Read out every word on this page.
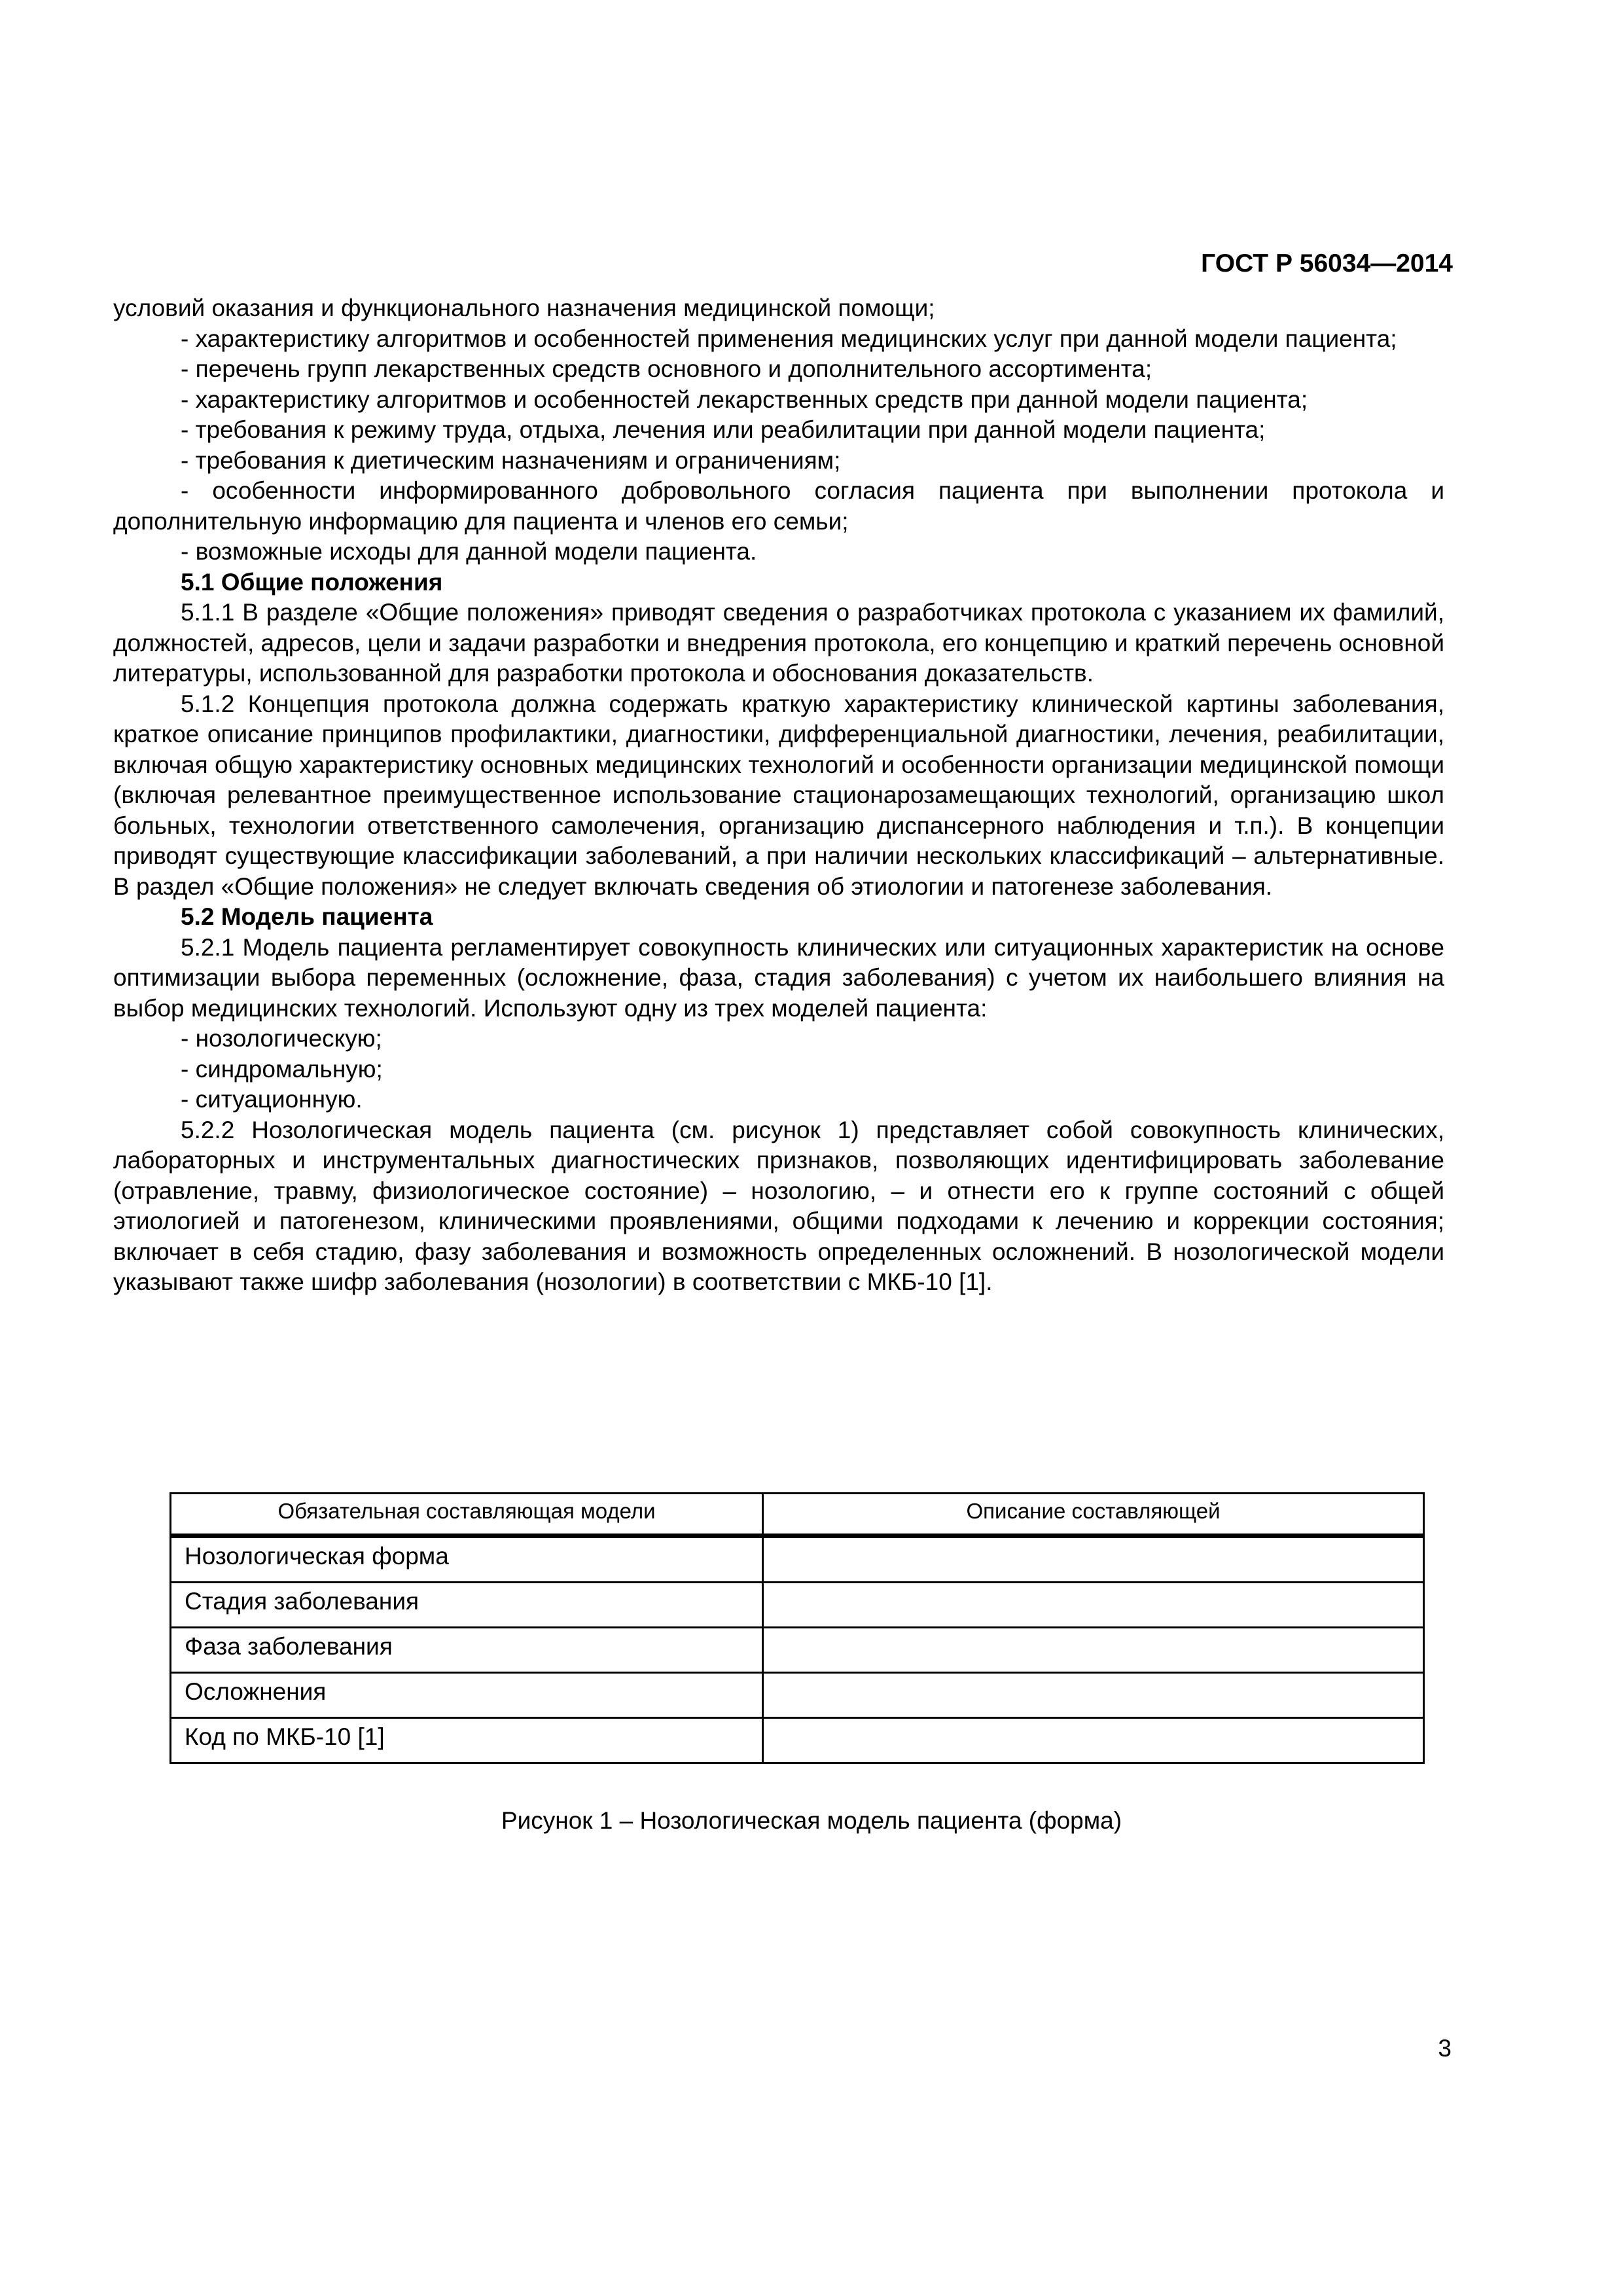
ГОСТ Р 56034—2014

условий оказания и функционального назначения медицинской помощи;

- характеристику алгоритмов и особенностей применения медицинских услуг при данной модели пациента;

- перечень групп лекарственных средств основного и дополнительного ассортимента;

- характеристику алгоритмов и особенностей лекарственных средств при данной модели пациента;

- требования к режиму труда, отдыха, лечения или реабилитации при данной модели пациента;

- требования к диетическим назначениям и ограничениям;

- особенности информированного добровольного согласия пациента при выполнении протокола и дополнительную информацию для пациента и членов его семьи;

- возможные исходы для данной модели пациента.

5.1 Общие положения

5.1.1 В разделе «Общие положения» приводят сведения о разработчиках протокола с указанием их фамилий, должностей, адресов, цели и задачи разработки и внедрения протокола, его концепцию и краткий перечень основной литературы, использованной для разработки протокола и обоснования доказательств.

5.1.2 Концепция протокола должна содержать краткую характеристику клинической картины заболевания, краткое описание принципов профилактики, диагностики, дифференциальной диагностики, лечения, реабилитации, включая общую характеристику основных медицинских технологий и особенности организации медицинской помощи (включая релевантное преимущественное использование стационарозамещающих технологий, организацию школ больных, технологии ответственного самолечения, организацию диспансерного наблюдения и т.п.). В концепции приводят существующие классификации заболеваний, а при наличии нескольких классификаций – альтернативные. В раздел «Общие положения» не следует включать сведения об этиологии и патогенезе заболевания.

5.2 Модель пациента

5.2.1 Модель пациента регламентирует совокупность клинических или ситуационных характеристик на основе оптимизации выбора переменных (осложнение, фаза, стадия заболевания) с учетом их наибольшего влияния на выбор медицинских технологий. Используют одну из трех моделей пациента:

- нозологическую;

- синдромальную;

- ситуационную.

5.2.2 Нозологическая модель пациента (см. рисунок 1) представляет собой совокупность клинических, лабораторных и инструментальных диагностических признаков, позволяющих идентифицировать заболевание (отравление, травму, физиологическое состояние) – нозологию, – и отнести его к группе состояний с общей этиологией и патогенезом, клиническими проявлениями, общими подходами к лечению и коррекции состояния; включает в себя стадию, фазу заболевания и возможность определенных осложнений. В нозологической модели указывают также шифр заболевания (нозологии) в соответствии с МКБ-10 [1].

Обязательная составляющая модели	Описание составляющей
Нозологическая форма	
Стадия заболевания	
Фаза заболевания	
Осложнения	
Код по МКБ-10 [1]	
Рисунок 1 – Нозологическая модель пациента (форма)
3
